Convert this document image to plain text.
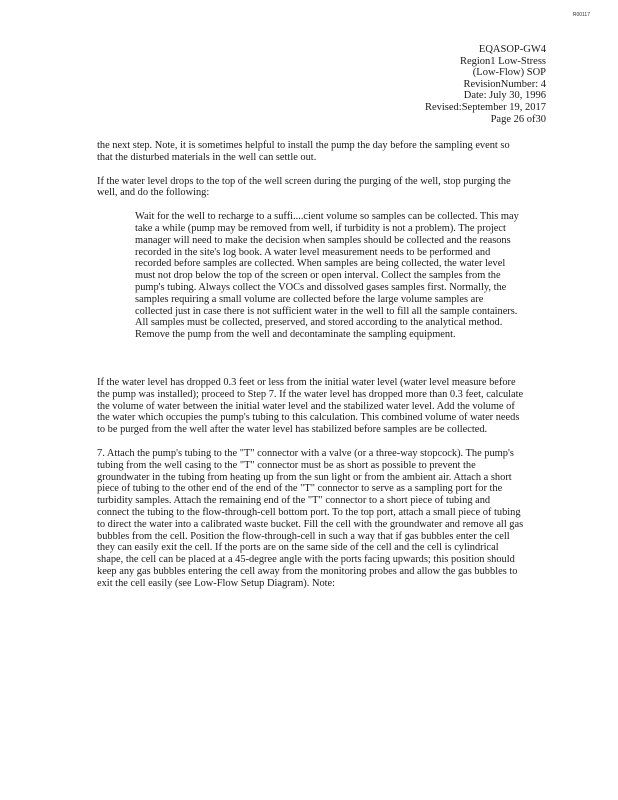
R00117
EQASOP-GW4
Region1 Low-Stress
(Low-Flow) SOP
RevisionNumber: 4
Date: July 30, 1996
Revised:September 19, 2017
Page 26 of30

the next step. Note, it is sometimes helpful to install the pump the day before the sampling event so that the disturbed materials in the well can settle out.

If the water level drops to the top of the well screen during the purging of the well, stop purging the well, and do the following:

Wait for the well to recharge to a suffi....cient volume so samples can be collected. This may take a while (pump may be removed from well, if turbidity is not a problem). The project manager will need to make the decision when samples should be collected and the reasons recorded in the site's log book. A water level measurement needs to be performed and recorded before samples are collected. When samples are being collected, the water level must not drop below the top of the screen or open interval. Collect the samples from the pump's tubing. Always collect the VOCs and dissolved gases samples first. Normally, the samples requiring a small volume are collected before the large volume samples are collected just in case there is not sufficient water in the well to fill all the sample containers. All samples must be collected, preserved, and stored according to the analytical method. Remove the pump from the well and decontaminate the sampling equipment.

If the water level has dropped 0.3 feet or less from the initial water level (water level measure before the pump was installed); proceed to Step 7. If the water level has dropped more than 0.3 feet, calculate the volume of water between the initial water level and the stabilized water level. Add the volume of the water which occupies the pump's tubing to this calculation. This combined volume of water needs to be purged from the well after the water level has stabilized before samples are be collected.

7. Attach the pump's tubing to the "T" connector with a valve (or a three-way stopcock). The pump's tubing from the well casing to the "T" connector must be as short as possible to prevent the groundwater in the tubing from heating up from the sun light or from the ambient air. Attach a short piece of tubing to the other end of the end of the "T" connector to serve as a sampling port for the turbidity samples. Attach the remaining end of the "T" connector to a short piece of tubing and connect the tubing to the flow-through-cell bottom port. To the top port, attach a small piece of tubing to direct the water into a calibrated waste bucket. Fill the cell with the groundwater and remove all gas bubbles from the cell. Position the flow-through-cell in such a way that if gas bubbles enter the cell they can easily exit the cell. If the ports are on the same side of the cell and the cell is cylindrical shape, the cell can be placed at a 45-degree angle with the ports facing upwards; this position should keep any gas bubbles entering the cell away from the monitoring probes and allow the gas bubbles to exit the cell easily (see Low-Flow Setup Diagram). Note:
